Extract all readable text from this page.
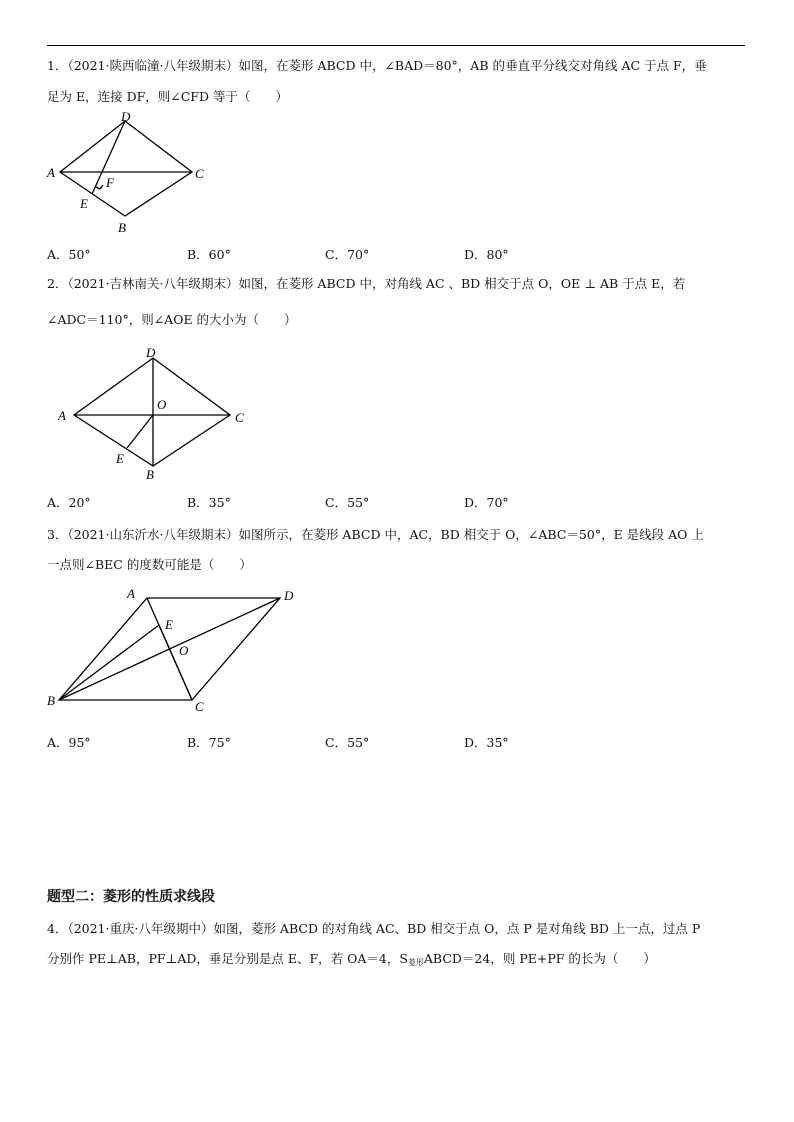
1．（2021·陕西临潼·八年级期末）如图，在菱形 ABCD 中，∠BAD＝80°，AB 的垂直平分线交对角线 AC 于点 F，垂
足为 E，连接 DF，则∠CFD 等于（　　）
A
D
C
B
E
F
A．50°	B．60°	C．70°	D．80°
2．（2021·吉林南关·八年级期末）如图，在菱形 ABCD 中，对角线 AC 、BD 相交于点 O，OE ⊥ AB 于点 E，若
∠ADC＝110°，则∠AOE 的大小为（　　）
A
D
C
B
E
O
A．20°	B．35°	C．55°	D．70°
3．（2021·山东沂水·八年级期末）如图所示，在菱形 ABCD 中，AC，BD 相交于 O，∠ABC＝50°，E 是线段 AO 上
一点则∠BEC 的度数可能是（　　）
A	D
C
B
E
O
A．95°	B．75°	C．55°	D．35°
题型二：菱形的性质求线段
4．（2021·重庆·八年级期中）如图，菱形 ABCD 的对角线 AC、BD 相交于点 O，点 P 是对角线 BD 上一点，过点 P
分别作 PE⊥AB，PF⊥AD，垂足分别是点 E、F，若 OA＝4，$S_{菱形}ABCD=24$，则 PE+PF 的长为（　　）
